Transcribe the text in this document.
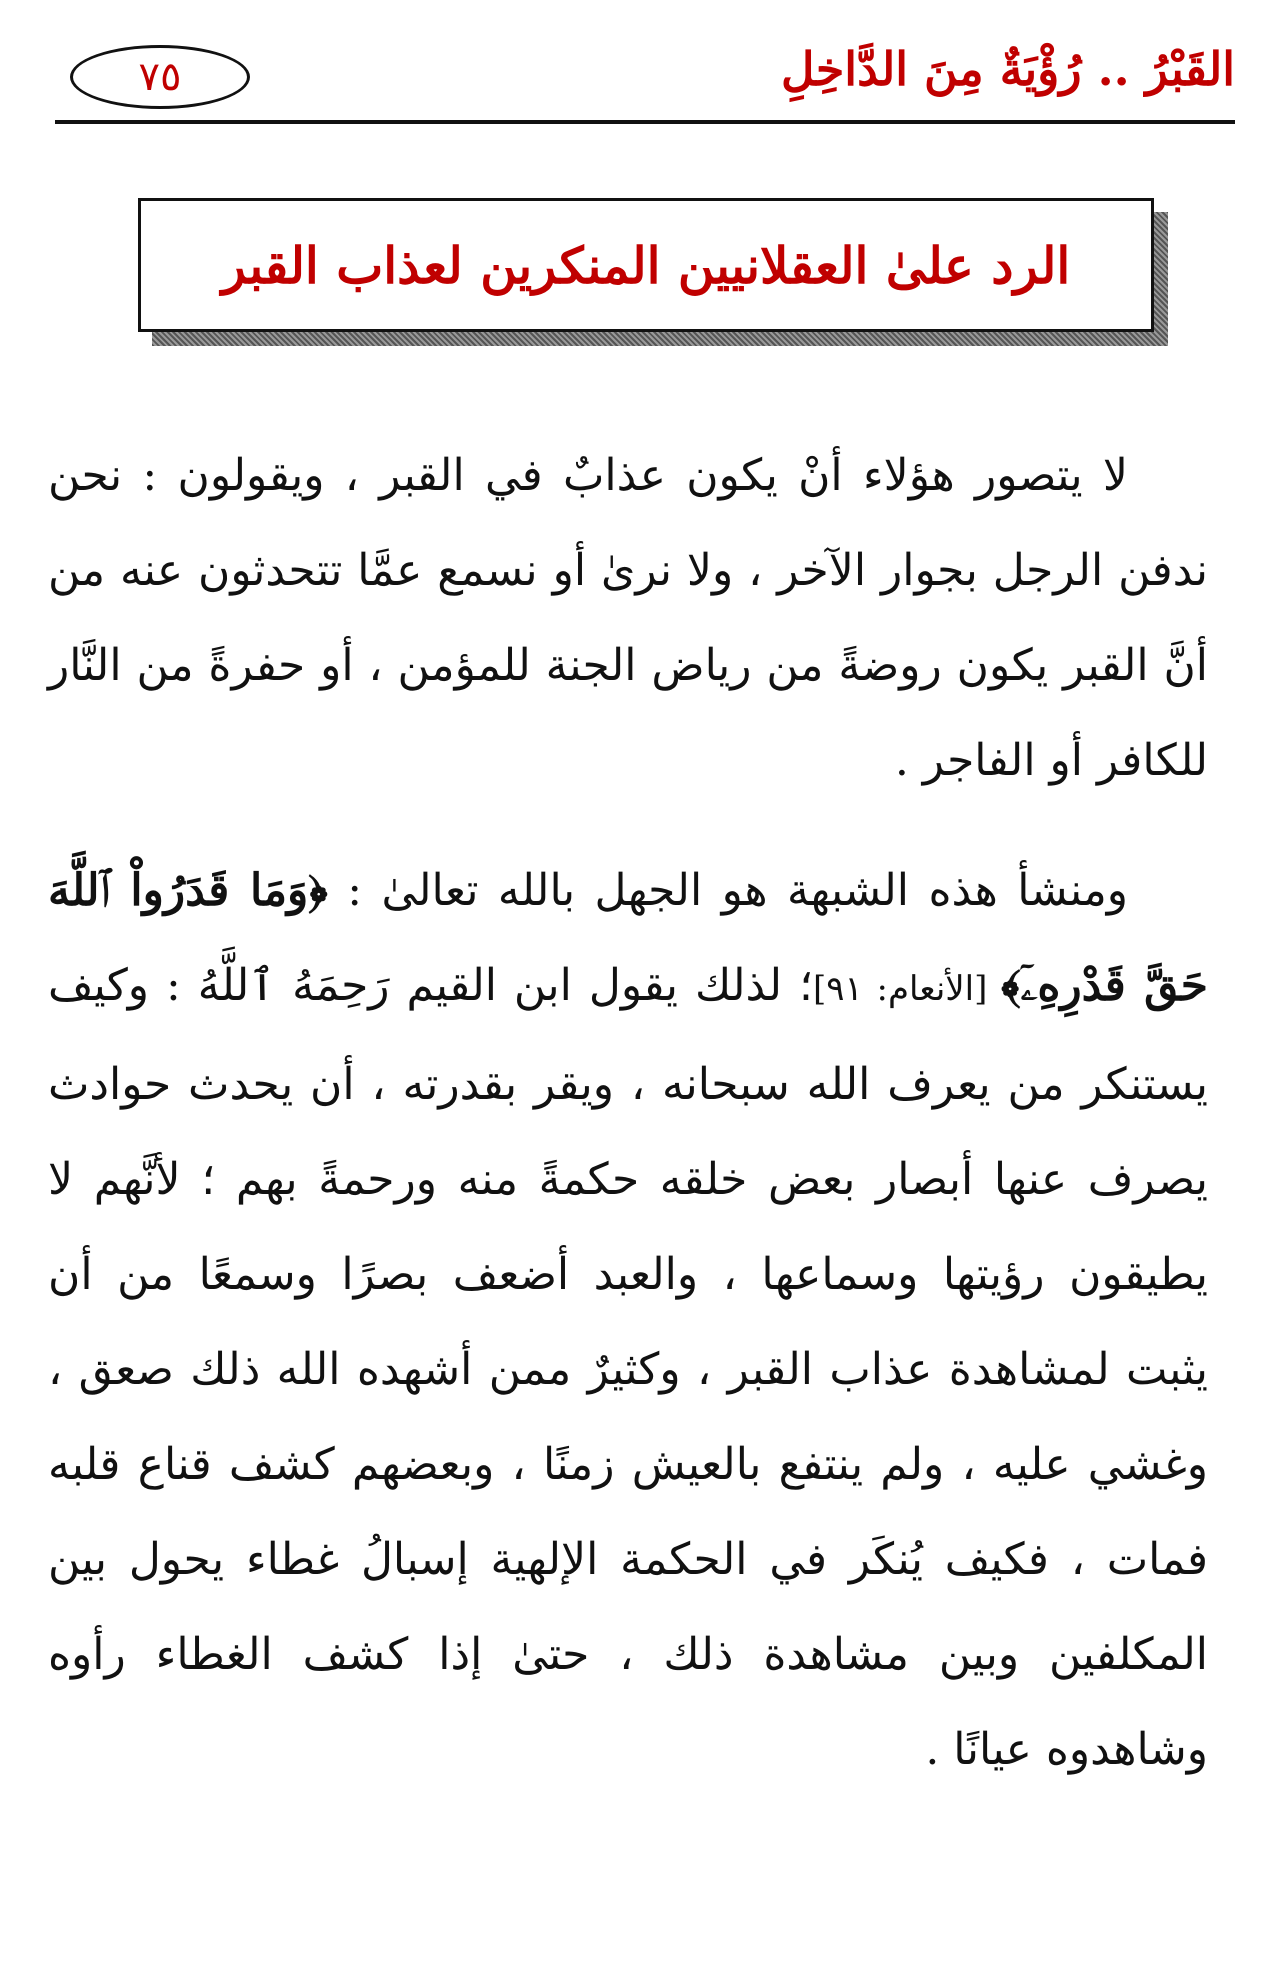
٧٥	القَبْرُ .. رُؤْيَةٌ مِنَ الدَّاخِلِ
الرد علىٰ العقلانيين المنكرين لعذاب القبر
لا يتصور هؤلاء أنْ يكون عذابٌ في القبر ، ويقولون : نحن ندفن الرجل بجوار الآخر ، ولا نرىٰ أو نسمع عمَّا تتحدثون عنه من أنَّ القبر يكون روضةً من رياض الجنة للمؤمن ، أو حفرةً من النَّار للكافر أو الفاجر .
ومنشأ هذه الشبهة هو الجهل بالله تعالىٰ : ﴿وَمَا قَدَرُواْ ٱللَّهَ حَقَّ قَدْرِهِۦٓ﴾ [الأنعام: ٩١]؛ لذلك يقول ابن القيم رَحِمَهُ ٱللَّهُ : وكيف يستنكر من يعرف الله سبحانه ، ويقر بقدرته ، أن يحدث حوادث يصرف عنها أبصار بعض خلقه حكمةً منه ورحمةً بهم ؛ لأنَّهم لا يطيقون رؤيتها وسماعها ، والعبد أضعف بصرًا وسمعًا من أن يثبت لمشاهدة عذاب القبر ، وكثيرٌ ممن أشهده الله ذلك صعق ، وغشي عليه ، ولم ينتفع بالعيش زمنًا ، وبعضهم كشف قناع قلبه فمات ، فكيف يُنكَر في الحكمة الإلهية إسبالُ غطاء يحول بين المكلفين وبين مشاهدة ذلك ، حتىٰ إذا كشف الغطاء رأوه وشاهدوه عيانًا .
